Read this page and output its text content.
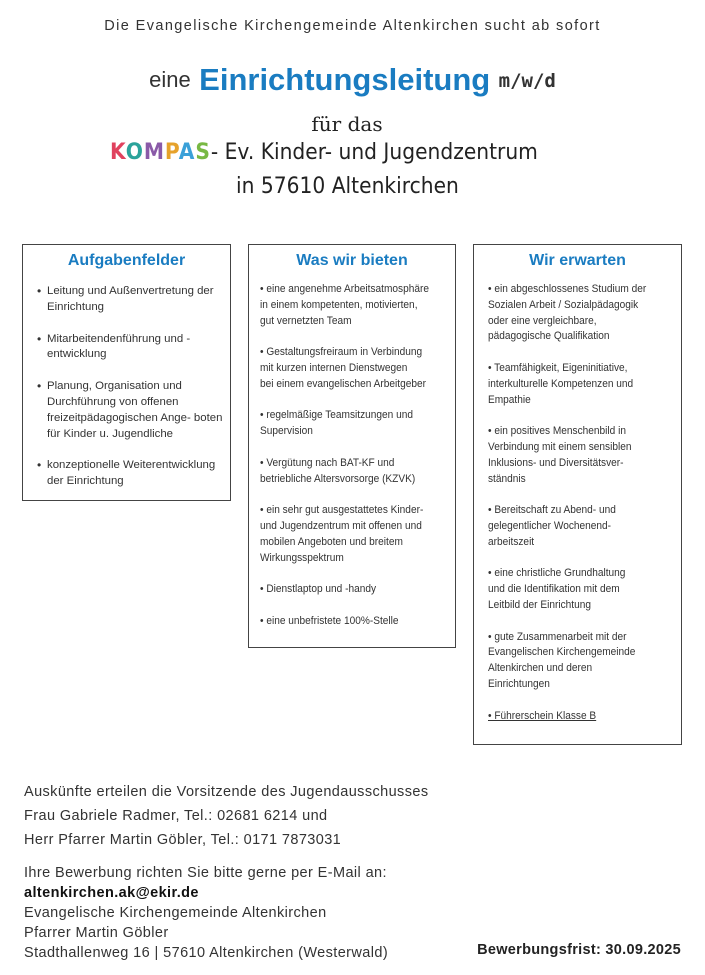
Die Evangelische Kirchengemeinde Altenkirchen sucht ab sofort
eine Einrichtungsleitung m/w/d
für das
KOMPAS- Ev. Kinder- und Jugendzentrum
in 57610 Altenkirchen
Aufgabenfelder
• Leitung und Außenvertretung der Einrichtung
• Mitarbeitendenführung und -entwicklung
• Planung, Organisation und Durchführung von offenen freizeitpädagogischen Ange- boten für Kinder u. Jugendliche
• konzeptionelle Weiterentwicklung der Einrichtung
Was wir bieten
• eine angenehme Arbeitsatmosphäre
in einem kompetenten, motivierten,
gut vernetzten Team
• Gestaltungsfreiraum in Verbindung
mit kurzen internen Dienstwegen
bei einem evangelischen Arbeitgeber
• regelmäßige Teamsitzungen und
Supervision
• Vergütung nach BAT-KF und
betriebliche Altersvorsorge (KZVK)
• ein sehr gut ausgestattetes Kinder-
und Jugendzentrum mit offenen und
mobilen Angeboten und breitem
Wirkungsspektrum
• Dienstlaptop und -handy
• eine unbefristete 100%-Stelle
Wir erwarten
• ein abgeschlossenes Studium der
Sozialen Arbeit / Sozialpädagogik
oder eine vergleichbare,
pädagogische Qualifikation
• Teamfähigkeit, Eigeninitiative,
interkulturelle Kompetenzen und
Empathie
• ein positives Menschenbild in
Verbindung mit einem sensiblen
Inklusions- und Diversitätsver-
ständnis
• Bereitschaft zu Abend- und
gelegentlicher Wochenend-
arbeitszeit
• eine christliche Grundhaltung
und die Identifikation mit dem
Leitbild der Einrichtung
• gute Zusammenarbeit mit der
Evangelischen Kirchengemeinde
Altenkirchen und deren
Einrichtungen
• Führerschein Klasse B
Auskünfte erteilen die Vorsitzende des Jugendausschusses
Frau Gabriele Radmer, Tel.: 02681 6214 und
Herr Pfarrer Martin Göbler, Tel.: 0171 7873031
Ihre Bewerbung richten Sie bitte gerne per E-Mail an:
altenkirchen.ak@ekir.de
Evangelische Kirchengemeinde Altenkirchen
Pfarrer Martin Göbler
Stadthallenweg 16 | 57610 Altenkirchen (Westerwald)	Bewerbungsfrist: 30.09.2025
